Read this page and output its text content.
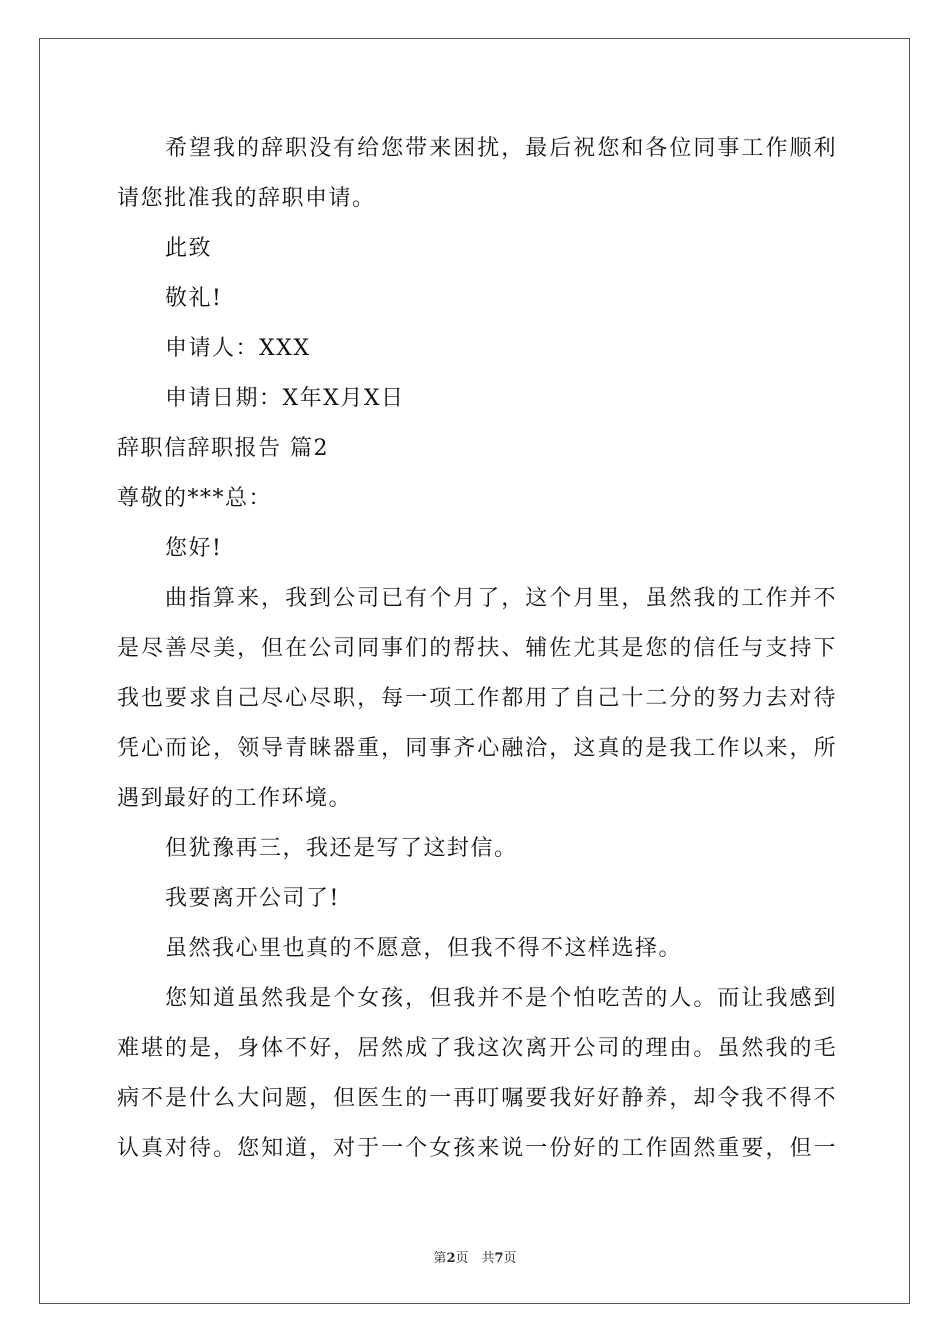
希望我的辞职没有给您带来困扰，最后祝您和各位同事工作顺利
请您批准我的辞职申请。
此致
敬礼!
申请人：XXX
申请日期：X年X月X日
辞职信辞职报告 篇2
尊敬的***总：
您好!
曲指算来，我到公司已有个月了，这个月里，虽然我的工作并不
是尽善尽美，但在公司同事们的帮扶、辅佐尤其是您的信任与支持下
我也要求自己尽心尽职，每一项工作都用了自己十二分的努力去对待
凭心而论，领导青睐器重，同事齐心融洽，这真的是我工作以来，所
遇到最好的工作环境。
但犹豫再三，我还是写了这封信。
我要离开公司了!
虽然我心里也真的不愿意，但我不得不这样选择。
您知道虽然我是个女孩，但我并不是个怕吃苦的人。而让我感到
难堪的是，身体不好，居然成了我这次离开公司的理由。虽然我的毛
病不是什么大问题，但医生的一再叮嘱要我好好静养，却令我不得不
认真对待。您知道，对于一个女孩来说一份好的工作固然重要，但一
第2页　共7页
